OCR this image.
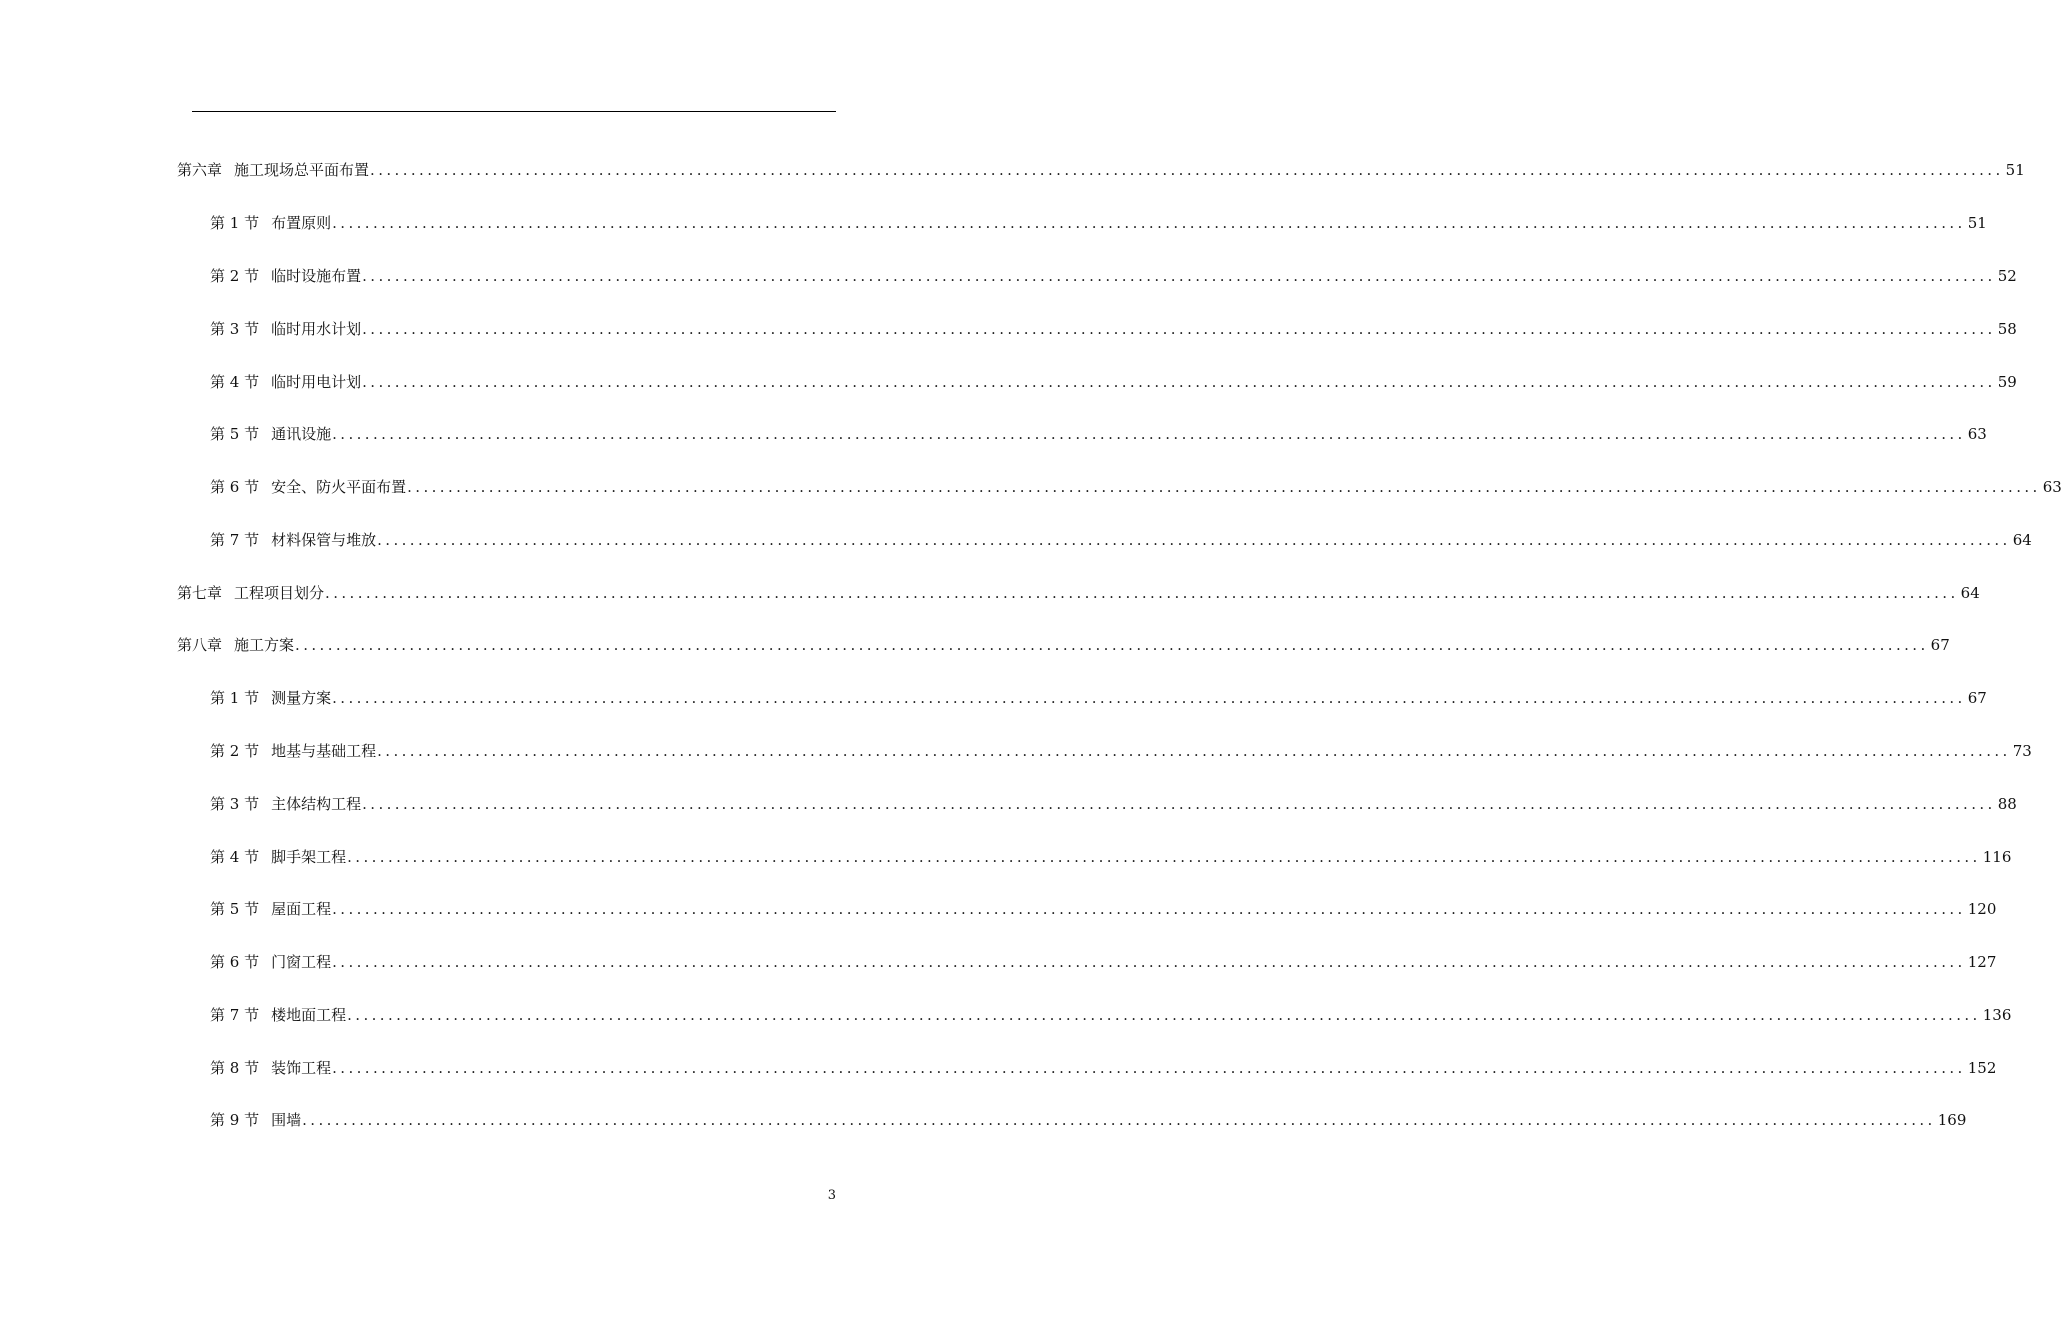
第六章 施工现场总平面布置 ........................................................................................................................................................................................................ 51
第 1 节 布置原则 ........................................................................................................................................................................................................ 51
第 2 节 临时设施布置 ........................................................................................................................................................................................................ 52
第 3 节 临时用水计划 ........................................................................................................................................................................................................ 58
第 4 节 临时用电计划 ........................................................................................................................................................................................................ 59
第 5 节 通讯设施 ........................................................................................................................................................................................................ 63
第 6 节 安全、防火平面布置 ........................................................................................................................................................................................................ 63
第 7 节 材料保管与堆放 ........................................................................................................................................................................................................ 64
第七章 工程项目划分 ........................................................................................................................................................................................................ 64
第八章 施工方案 ........................................................................................................................................................................................................ 67
第 1 节 测量方案 ........................................................................................................................................................................................................ 67
第 2 节 地基与基础工程 ........................................................................................................................................................................................................ 73
第 3 节 主体结构工程 ........................................................................................................................................................................................................ 88
第 4 节 脚手架工程 ........................................................................................................................................................................................................ 116
第 5 节 屋面工程 ........................................................................................................................................................................................................ 120
第 6 节 门窗工程 ........................................................................................................................................................................................................ 127
第 7 节 楼地面工程 ........................................................................................................................................................................................................ 136
第 8 节 装饰工程 ........................................................................................................................................................................................................ 152
第 9 节 围墙 ........................................................................................................................................................................................................ 169
3
